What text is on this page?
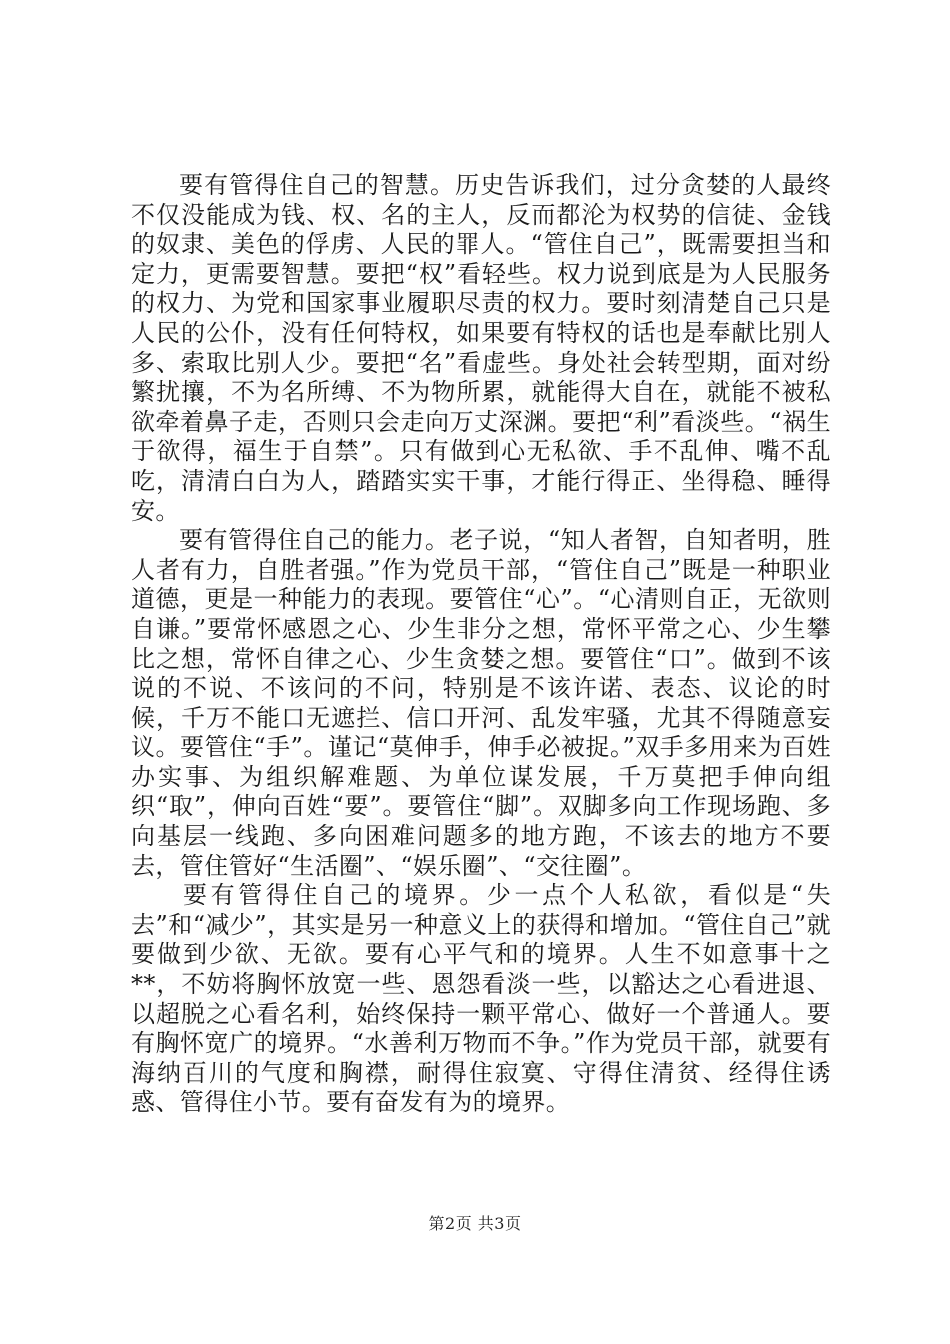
要有管得住自己的智慧。历史告诉我们，过分贪婪的人最终不仅没能成为钱、权、名的主人，反而都沦为权势的信徒、金钱的奴隶、美色的俘虏、人民的罪人。“管住自己”，既需要担当和定力，更需要智慧。要把“权”看轻些。权力说到底是为人民服务的权力、为党和国家事业履职尽责的权力。要时刻清楚自己只是人民的公仆，没有任何特权，如果要有特权的话也是奉献比别人多、索取比别人少。要把“名”看虚些。身处社会转型期，面对纷繁扰攘，不为名所缚、不为物所累，就能得大自在，就能不被私欲牵着鼻子走，否则只会走向万丈深渊。要把“利”看淡些。“祸生于欲得，福生于自禁”。只有做到心无私欲、手不乱伸、嘴不乱吃，清清白白为人，踏踏实实干事，才能行得正、坐得稳、睡得安。

要有管得住自己的能力。老子说，“知人者智，自知者明，胜人者有力，自胜者强。”作为党员干部，“管住自己”既是一种职业道德，更是一种能力的表现。要管住“心”。“心清则自正，无欲则自谦。”要常怀感恩之心、少生非分之想，常怀平常之心、少生攀比之想，常怀自律之心、少生贪婪之想。要管住“口”。做到不该说的不说、不该问的不问，特别是不该许诺、表态、议论的时候，千万不能口无遮拦、信口开河、乱发牢骚，尤其不得随意妄议。要管住“手”。谨记“莫伸手，伸手必被捉。”双手多用来为百姓办实事、为组织解难题、为单位谋发展，千万莫把手伸向组织“取”，伸向百姓“要”。要管住“脚”。双脚多向工作现场跑、多向基层一线跑、多向困难问题多的地方跑，不该去的地方不要去，管住管好“生活圈”、“娱乐圈”、“交往圈”。

要有管得住自己的境界。少一点个人私欲，看似是“失去”和“减少”，其实是另一种意义上的获得和增加。“管住自己”就要做到少欲、无欲。要有心平气和的境界。人生不如意事十之**，不妨将胸怀放宽一些、恩怨看淡一些，以豁达之心看进退、以超脱之心看名利，始终保持一颗平常心、做好一个普通人。要有胸怀宽广的境界。“水善利万物而不争。”作为党员干部，就要有海纳百川的气度和胸襟，耐得住寂寞、守得住清贫、经得住诱惑、管得住小节。要有奋发有为的境界。

第2页 共3页
